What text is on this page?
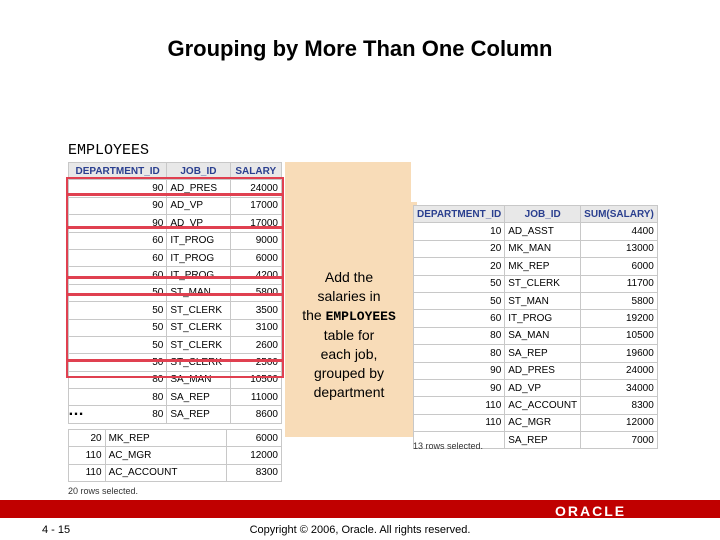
Grouping by More Than One Column
EMPLOYEES
Add the
salaries in
the EMPLOYEES
table for
each job,
grouped by
department
DEPARTMENT_ID	JOB_ID	SALARY
90	AD_PRES	24000
90	AD_VP	17000
90	AD_VP	17000
60	IT_PROG	9000
60	IT_PROG	6000
60	IT_PROG	4200
50	ST_MAN	5800
50	ST_CLERK	3500
50	ST_CLERK	3100
50	ST_CLERK	2600
50	ST_CLERK	2500
80	SA_MAN	10500
80	SA_REP	11000
80	SA_REP	8600
…
20	MK_REP	6000
110	AC_MGR	12000
110	AC_ACCOUNT	8300
20 rows selected.
DEPARTMENT_ID	JOB_ID	SUM(SALARY)
10	AD_ASST	4400
20	MK_MAN	13000
20	MK_REP	6000
50	ST_CLERK	11700
50	ST_MAN	5800
60	IT_PROG	19200
80	SA_MAN	10500
80	SA_REP	19600
90	AD_PRES	24000
90	AD_VP	34000
110	AC_ACCOUNT	8300
110	AC_MGR	12000
	SA_REP	7000
13 rows selected.
ORACLE
4 - 15	Copyright © 2006, Oracle. All rights reserved.
